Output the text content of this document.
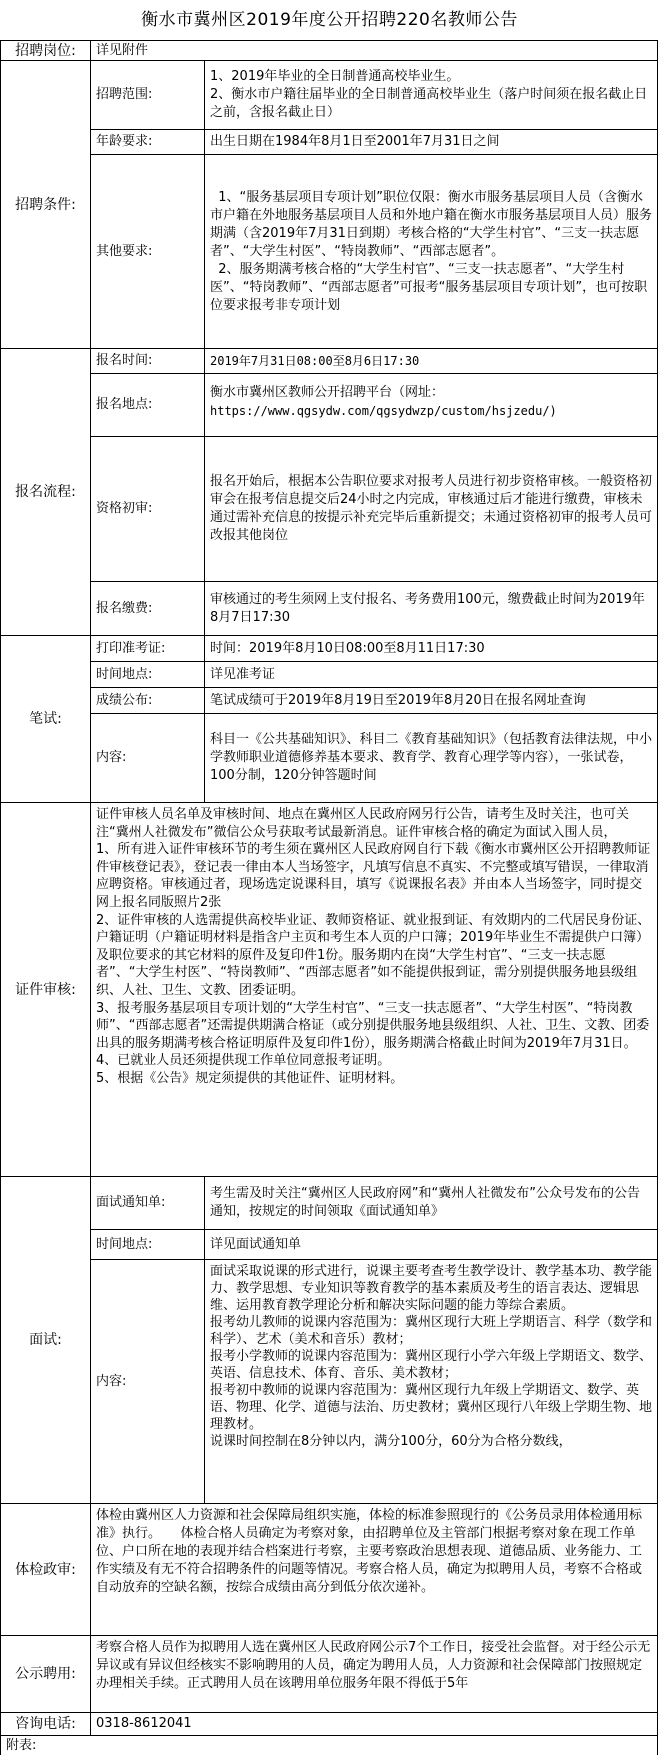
衡水市冀州区2019年度公开招聘220名教师公告
招聘岗位:	详见附件
招聘条件:
招聘范围:
1、2019年毕业的全日制普通高校毕业生。
2、衡水市户籍往届毕业的全日制普通高校毕业生（落户时间须在报名截止日之前，含报名截止日）
年龄要求:	出生日期在1984年8月1日至2001年7月31日之间
其他要求:
1、“服务基层项目专项计划”职位仅限：衡水市服务基层项目人员（含衡水市户籍在外地服务基层项目人员和外地户籍在衡水市服务基层项目人员）服务期满（含2019年7月31日到期）考核合格的“大学生村官”、“三支一扶志愿者”、“大学生村医”、“特岗教师”、“西部志愿者”。
2、服务期满考核合格的“大学生村官”、“三支一扶志愿者”、“大学生村医”、“特岗教师”、“西部志愿者”可报考“服务基层项目专项计划”，也可按职位要求报考非专项计划
报名流程:
报名时间:	2019年7月31日08:00至8月6日17:30
报名地点:
衡水市冀州区教师公开招聘平台（网址：
https://www.qgsydw.com/qgsydwzp/custom/hsjzedu/)
资格初审:
报名开始后，根据本公告职位要求对报考人员进行初步资格审核。一般资格初审会在报考信息提交后24小时之内完成，审核通过后才能进行缴费，审核未通过需补充信息的按提示补充完毕后重新提交；未通过资格初审的报考人员可改报其他岗位
报名缴费:
审核通过的考生须网上支付报名、考务费用100元，缴费截止时间为2019年8月7日17:30
笔试:
打印准考证:	时间：2019年8月10日08:00至8月11日17:30
时间地点:	详见准考证
成绩公布:	笔试成绩可于2019年8月19日至2019年8月20日在报名网址查询
内容:
科目一《公共基础知识》、科目二《教育基础知识》（包括教育法律法规，中小学教师职业道德修养基本要求、教育学、教育心理学等内容），一张试卷，100分制，120分钟答题时间
证件审核:
证件审核人员名单及审核时间、地点在冀州区人民政府网另行公告，请考生及时关注，也可关注“冀州人社微发布”微信公众号获取考试最新消息。证件审核合格的确定为面试入围人员，
1、所有进入证件审核环节的考生须在冀州区人民政府网自行下载《衡水市冀州区公开招聘教师证件审核登记表》，登记表一律由本人当场签字，凡填写信息不真实、不完整或填写错误，一律取消应聘资格。审核通过者，现场选定说课科目，填写《说课报名表》并由本人当场签字，同时提交网上报名同版照片2张
2、证件审核的人选需提供高校毕业证、教师资格证、就业报到证、有效期内的二代居民身份证、户籍证明（户籍证明材料是指含户主页和考生本人页的户口簿；2019年毕业生不需提供户口簿）及职位要求的其它材料的原件及复印件1份。服务期内在岗“大学生村官”、“三支一扶志愿者”、“大学生村医”、“特岗教师”、“西部志愿者”如不能提供报到证，需分别提供服务地县级组织、人社、卫生、文教、团委证明。
3、报考服务基层项目专项计划的“大学生村官”、“三支一扶志愿者”、“大学生村医”、“特岗教师”、“西部志愿者”还需提供期满合格证（或分别提供服务地县级组织、人社、卫生、文教、团委出具的服务期满考核合格证明原件及复印件1份），服务期满合格截止时间为2019年7月31日。
4、已就业人员还须提供现工作单位同意报考证明。
5、根据《公告》规定须提供的其他证件、证明材料。
面试:
面试通知单:
考生需及时关注“冀州区人民政府网”和“冀州人社微发布”公众号发布的公告通知，按规定的时间领取《面试通知单》
时间地点:	详见面试通知单
内容:
面试采取说课的形式进行，说课主要考查考生教学设计、教学基本功、教学能力、教学思想、专业知识等教育教学的基本素质及考生的语言表达、逻辑思维、运用教育教学理论分析和解决实际问题的能力等综合素质。
报考幼儿教师的说课内容范围为：冀州区现行大班上学期语言、科学（数学和科学）、艺术（美术和音乐）教材；
报考小学教师的说课内容范围为：冀州区现行小学六年级上学期语文、数学、英语、信息技术、体育、音乐、美术教材；
报考初中教师的说课内容范围为：冀州区现行九年级上学期语文、数学、英语、物理、化学、道德与法治、历史教材；冀州区现行八年级上学期生物、地理教材。
说课时间控制在8分钟以内，满分100分，60分为合格分数线，
体检政审:
体检由冀州区人力资源和社会保障局组织实施，体检的标准参照现行的《公务员录用体检通用标准》执行。　　体检合格人员确定为考察对象，由招聘单位及主管部门根据考察对象在现工作单位、户口所在地的表现并结合档案进行考察，主要考察政治思想表现、道德品质、业务能力、工作实绩及有无不符合招聘条件的问题等情况。考察合格人员，确定为拟聘用人员，考察不合格或自动放弃的空缺名额，按综合成绩由高分到低分依次递补。
公示聘用:
考察合格人员作为拟聘用人选在冀州区人民政府网公示7个工作日，接受社会监督。对于经公示无异议或有异议但经核实不影响聘用的人员，确定为聘用人员，人力资源和社会保障部门按照规定办理相关手续。正式聘用人员在该聘用单位服务年限不得低于5年
咨询电话:	0318-8612041
附表:
